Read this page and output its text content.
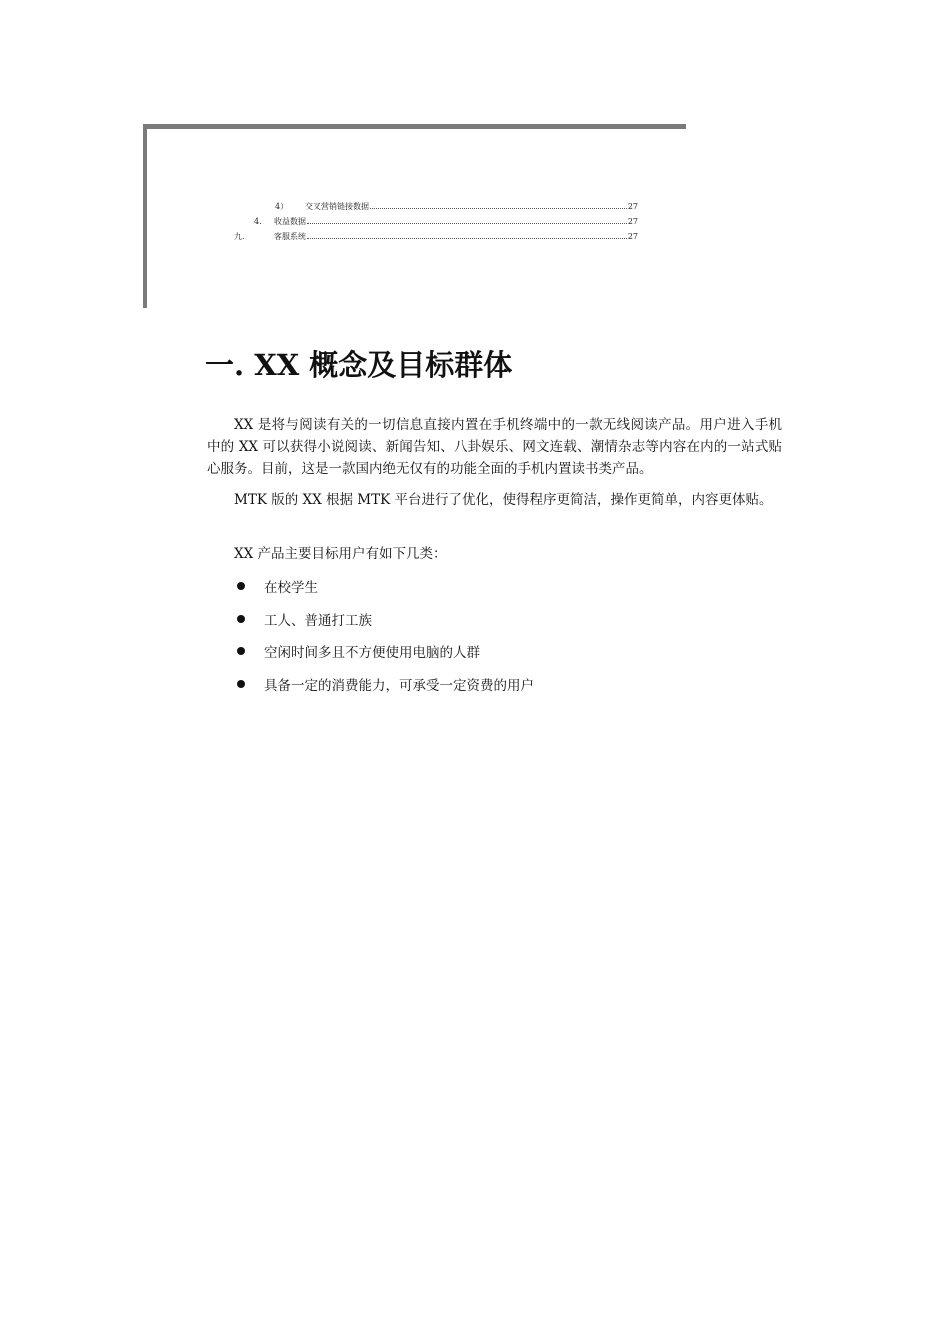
4）	交叉营销链接数据	27
4.	收益数据	27
九.	客服系统	27
一. XX 概念及目标群体

XX 是将与阅读有关的一切信息直接内置在手机终端中的一款无线阅读产品。用户进入手机中的 XX 可以获得小说阅读、新闻告知、八卦娱乐、网文连载、潮情杂志等内容在内的一站式贴心服务。目前，这是一款国内绝无仅有的功能全面的手机内置读书类产品。

MTK 版的 XX 根据 MTK 平台进行了优化，使得程序更简洁，操作更简单，内容更体贴。

XX 产品主要目标用户有如下几类：

在校学生
工人、普通打工族
空闲时间多且不方便使用电脑的人群
具备一定的消费能力，可承受一定资费的用户
